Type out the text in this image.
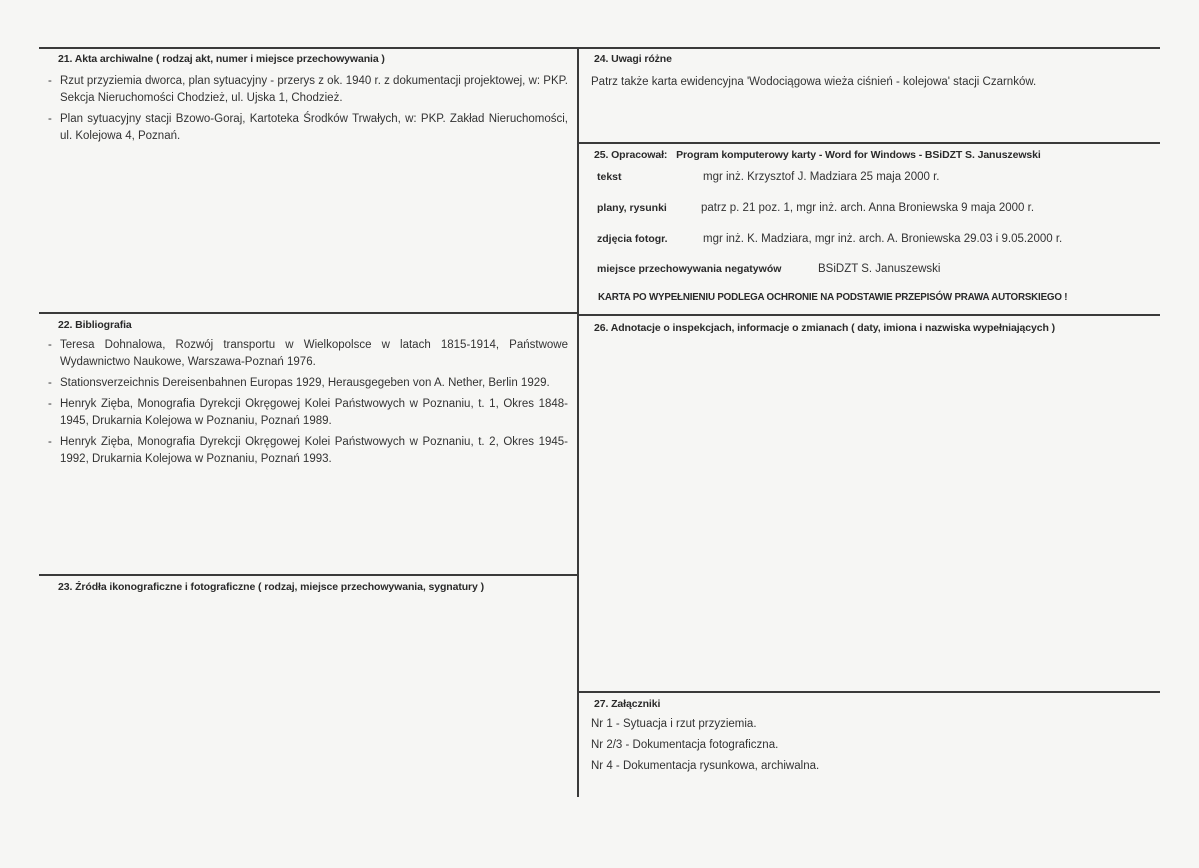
21. Akta archiwalne ( rodzaj akt, numer i miejsce przechowywania )
- Rzut przyziemia dworca, plan sytuacyjny - przerys z ok. 1940 r. z dokumentacji projektowej, w: PKP. Sekcja Nieruchomości Chodzież, ul. Ujska 1, Chodzież.
- Plan sytuacyjny stacji Bzowo-Goraj, Kartoteka Środków Trwałych, w: PKP. Zakład Nieruchomości, ul. Kolejowa 4, Poznań.
22. Bibliografia
- Teresa Dohnalowa, Rozwój transportu w Wielkopolsce w latach 1815-1914, Państwowe Wydawnictwo Naukowe, Warszawa-Poznań 1976.
- Stationsverzeichnis Dereisenbahnen Europas 1929, Herausgegeben von A. Nether, Berlin 1929.
- Henryk Zięba, Monografia Dyrekcji Okręgowej Kolei Państwowych w Poznaniu, t. 1, Okres 1848-1945, Drukarnia Kolejowa w Poznaniu, Poznań 1989.
- Henryk Zięba, Monografia Dyrekcji Okręgowej Kolei Państwowych w Poznaniu, t. 2, Okres 1945-1992, Drukarnia Kolejowa w Poznaniu, Poznań 1993.
23. Źródła ikonograficzne i fotograficzne ( rodzaj, miejsce przechowywania, sygnatury )
24. Uwagi różne
Patrz także karta ewidencyjna 'Wodociągowa wieża ciśnień - kolejowa' stacji Czarnków.
25. Opracował: Program komputerowy karty - Word for Windows - BSiDZT S. Januszewski
tekst	mgr inż. Krzysztof J. Madziara 25 maja 2000 r.
plany, rysunki	patrz p. 21 poz. 1, mgr inż. arch. Anna Broniewska 9 maja 2000 r.
zdjęcia fotogr.	mgr inż. K. Madziara, mgr inż. arch. A. Broniewska 29.03 i 9.05.2000 r.
miejsce przechowywania negatywów	BSiDZT S. Januszewski
KARTA PO WYPEŁNIENIU PODLEGA OCHRONIE NA PODSTAWIE PRZEPISÓW PRAWA AUTORSKIEGO !
26. Adnotacje o inspekcjach, informacje o zmianach ( daty, imiona i nazwiska wypełniających )
27. Załączniki
Nr 1 - Sytuacja i rzut przyziemia.
Nr 2/3 - Dokumentacja fotograficzna.
Nr 4 - Dokumentacja rysunkowa, archiwalna.
